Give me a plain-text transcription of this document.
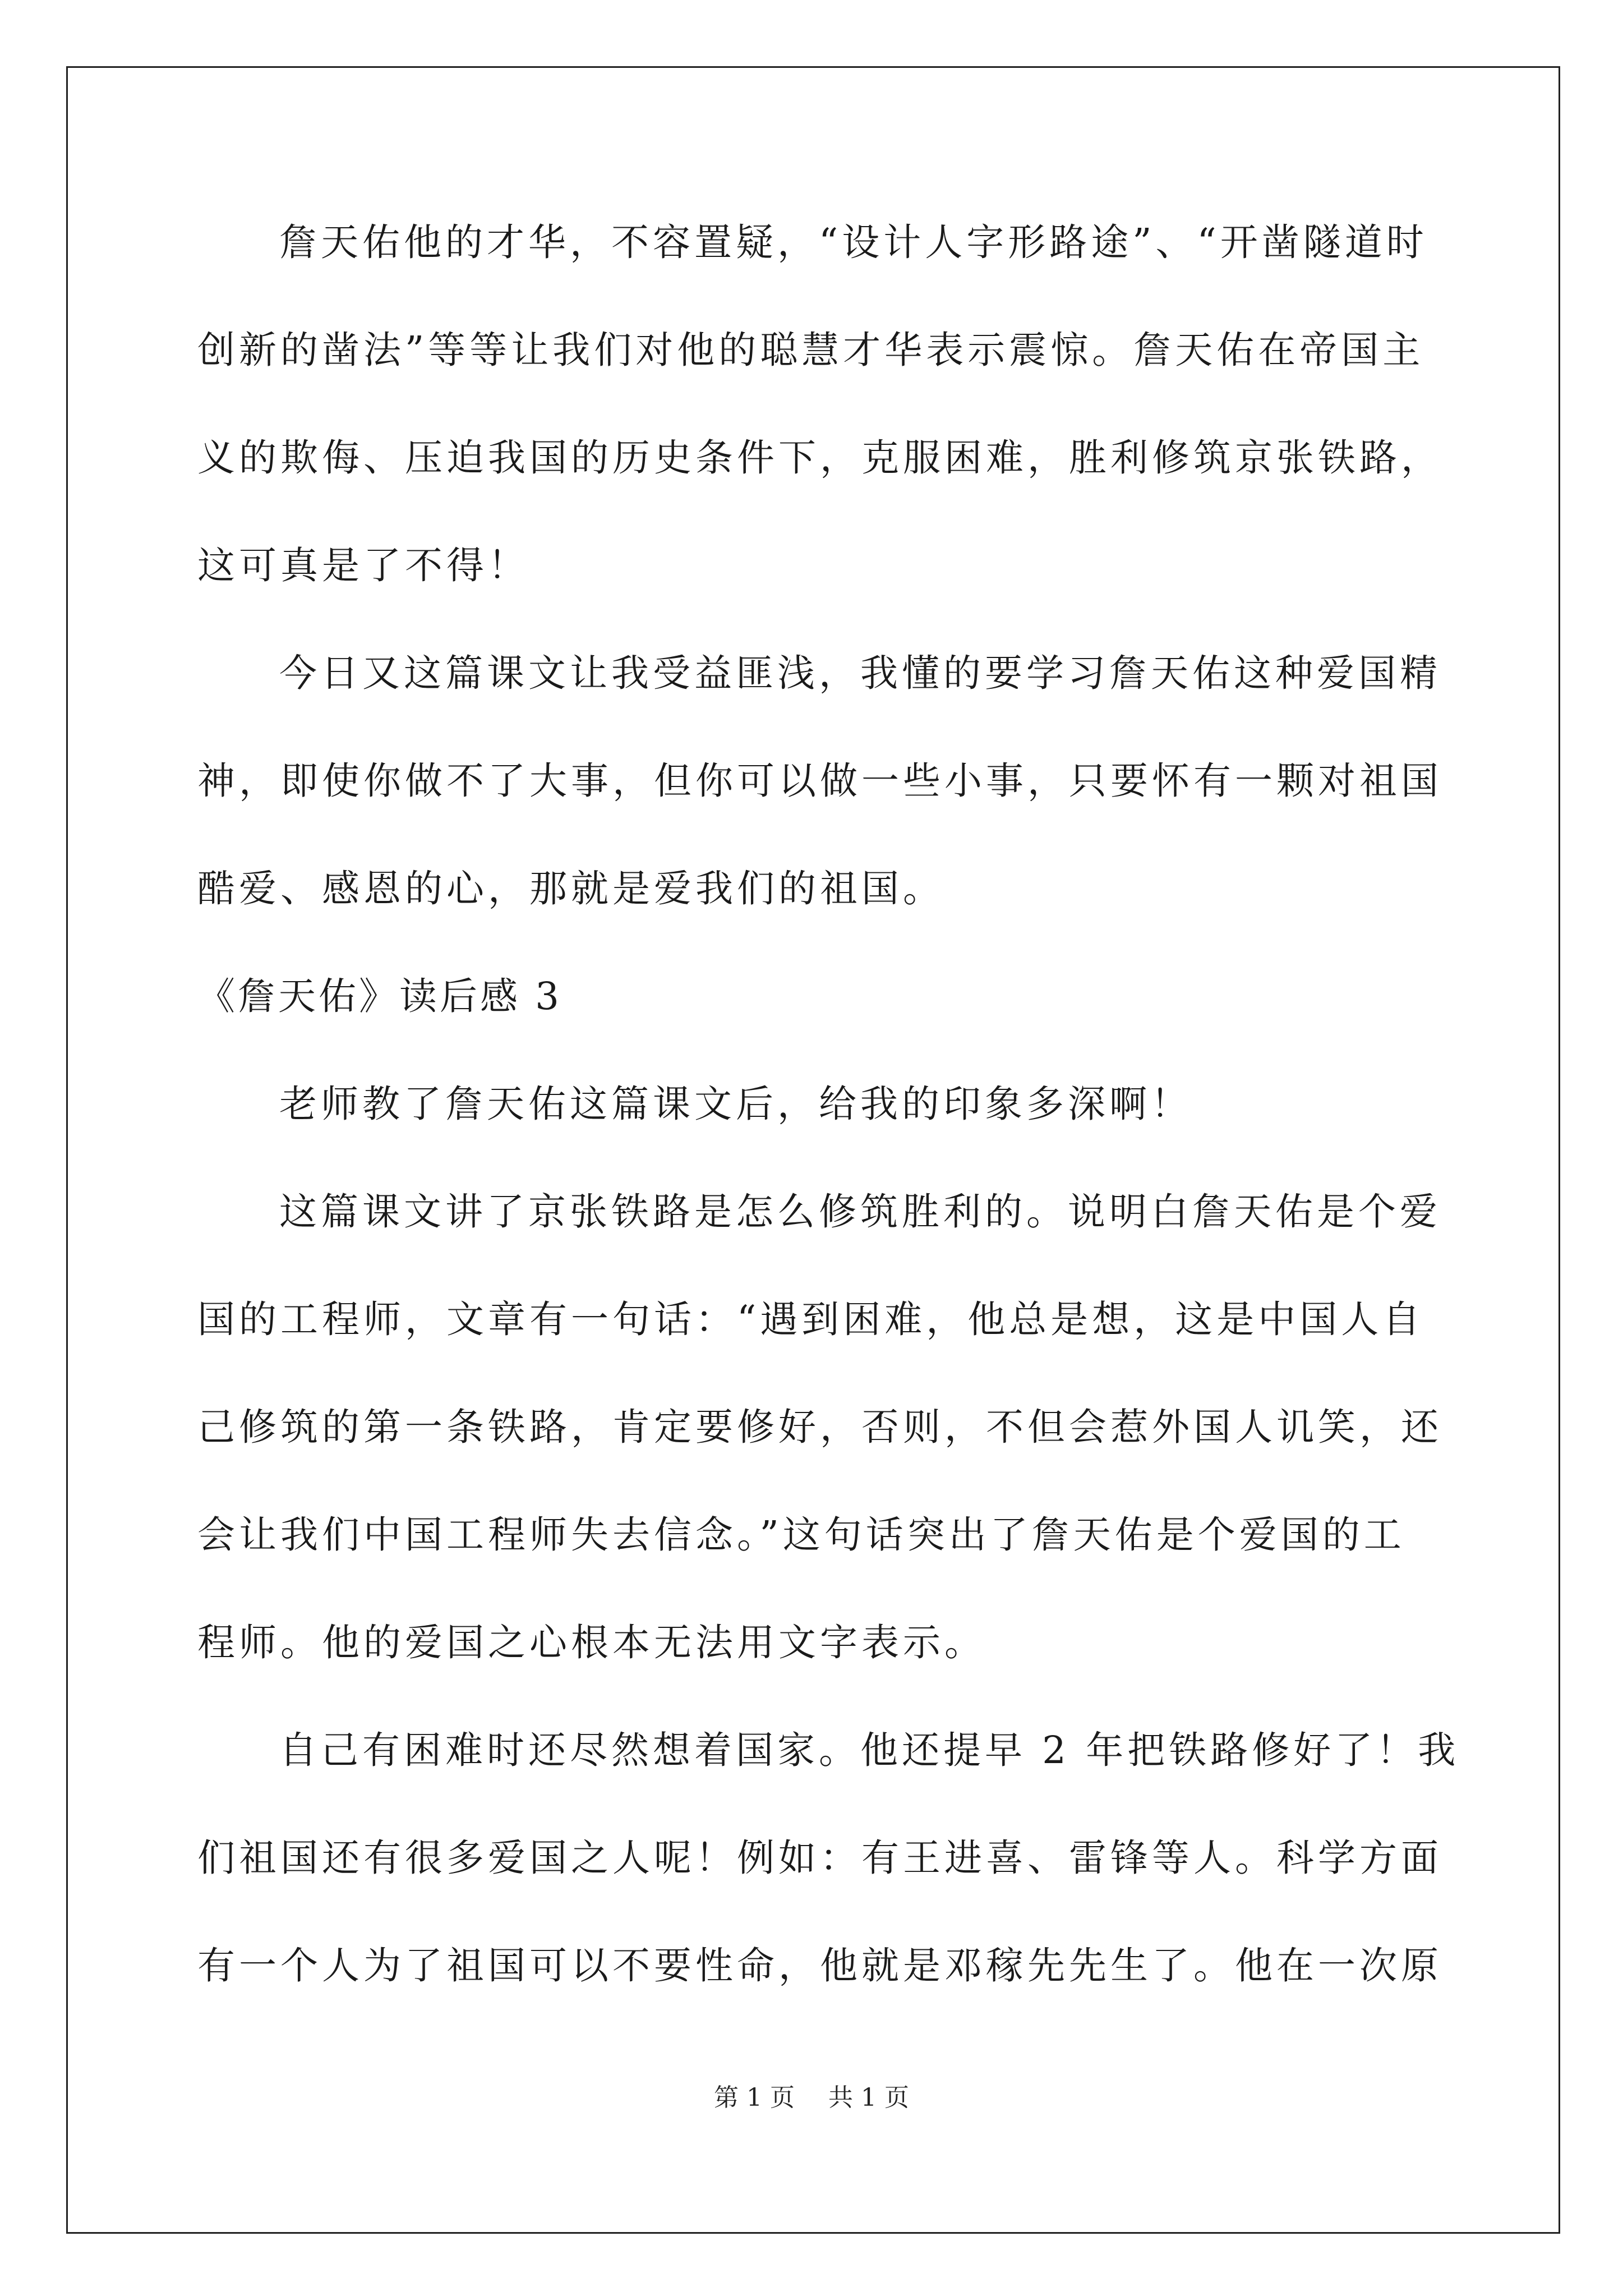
詹天佑他的才华，不容置疑，“设计人字形路途”、“开凿隧道时
创新的凿法”等等让我们对他的聪慧才华表示震惊。詹天佑在帝国主
义的欺侮、压迫我国的历史条件下，克服困难，胜利修筑京张铁路，
这可真是了不得！
今日又这篇课文让我受益匪浅，我懂的要学习詹天佑这种爱国精
神，即使你做不了大事，但你可以做一些小事，只要怀有一颗对祖国
酷爱、感恩的心，那就是爱我们的祖国。
《詹天佑》读后感 3
老师教了詹天佑这篇课文后，给我的印象多深啊！
这篇课文讲了京张铁路是怎么修筑胜利的。说明白詹天佑是个爱
国的工程师，文章有一句话：“遇到困难，他总是想，这是中国人自
己修筑的第一条铁路，肯定要修好，否则，不但会惹外国人讥笑，还
会让我们中国工程师失去信念。”这句话突出了詹天佑是个爱国的工
程师。他的爱国之心根本无法用文字表示。
自己有困难时还尽然想着国家。他还提早 2 年把铁路修好了！我
们祖国还有很多爱国之人呢！例如：有王进喜、雷锋等人。科学方面
有一个人为了祖国可以不要性命，他就是邓稼先先生了。他在一次原
第 1 页 共 1 页
